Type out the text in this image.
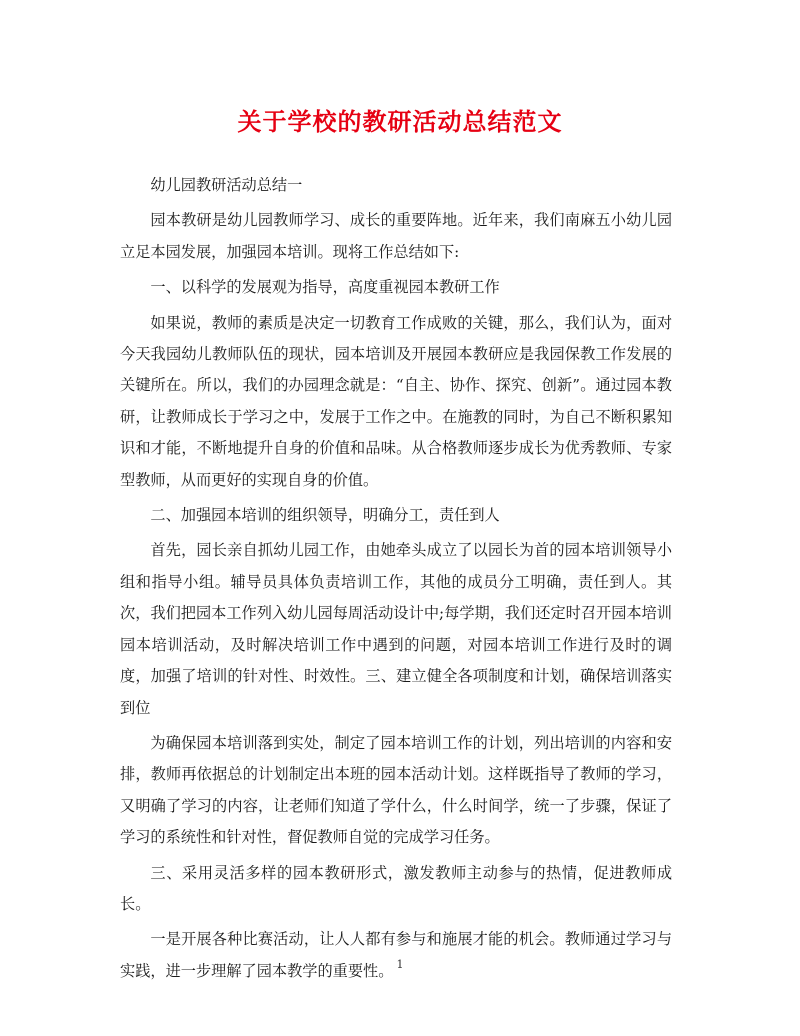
关于学校的教研活动总结范文

幼儿园教研活动总结一

园本教研是幼儿园教师学习、成长的重要阵地。近年来，我们南麻五小幼儿园立足本园发展，加强园本培训。现将工作总结如下:

一、以科学的发展观为指导，高度重视园本教研工作

如果说，教师的素质是决定一切教育工作成败的关键，那么，我们认为，面对今天我园幼儿教师队伍的现状，园本培训及开展园本教研应是我园保教工作发展的关键所在。所以，我们的办园理念就是：“自主、协作、探究、创新”。通过园本教研，让教师成长于学习之中，发展于工作之中。在施教的同时，为自己不断积累知识和才能，不断地提升自身的价值和品味。从合格教师逐步成长为优秀教师、专家型教师，从而更好的实现自身的价值。

二、加强园本培训的组织领导，明确分工，责任到人

首先，园长亲自抓幼儿园工作，由她牵头成立了以园长为首的园本培训领导小组和指导小组。辅导员具体负责培训工作，其他的成员分工明确，责任到人。其次，我们把园本工作列入幼儿园每周活动设计中;每学期，我们还定时召开园本培训园本培训活动，及时解决培训工作中遇到的问题，对园本培训工作进行及时的调度，加强了培训的针对性、时效性。三、建立健全各项制度和计划，确保培训落实到位

为确保园本培训落到实处，制定了园本培训工作的计划，列出培训的内容和安排，教师再依据总的计划制定出本班的园本活动计划。这样既指导了教师的学习，又明确了学习的内容，让老师们知道了学什么，什么时间学，统一了步骤，保证了学习的系统性和针对性，督促教师自觉的完成学习任务。

三、采用灵活多样的园本教研形式，激发教师主动参与的热情，促进教师成长。

一是开展各种比赛活动，让人人都有参与和施展才能的机会。教师通过学习与实践，进一步理解了园本教学的重要性。 1
